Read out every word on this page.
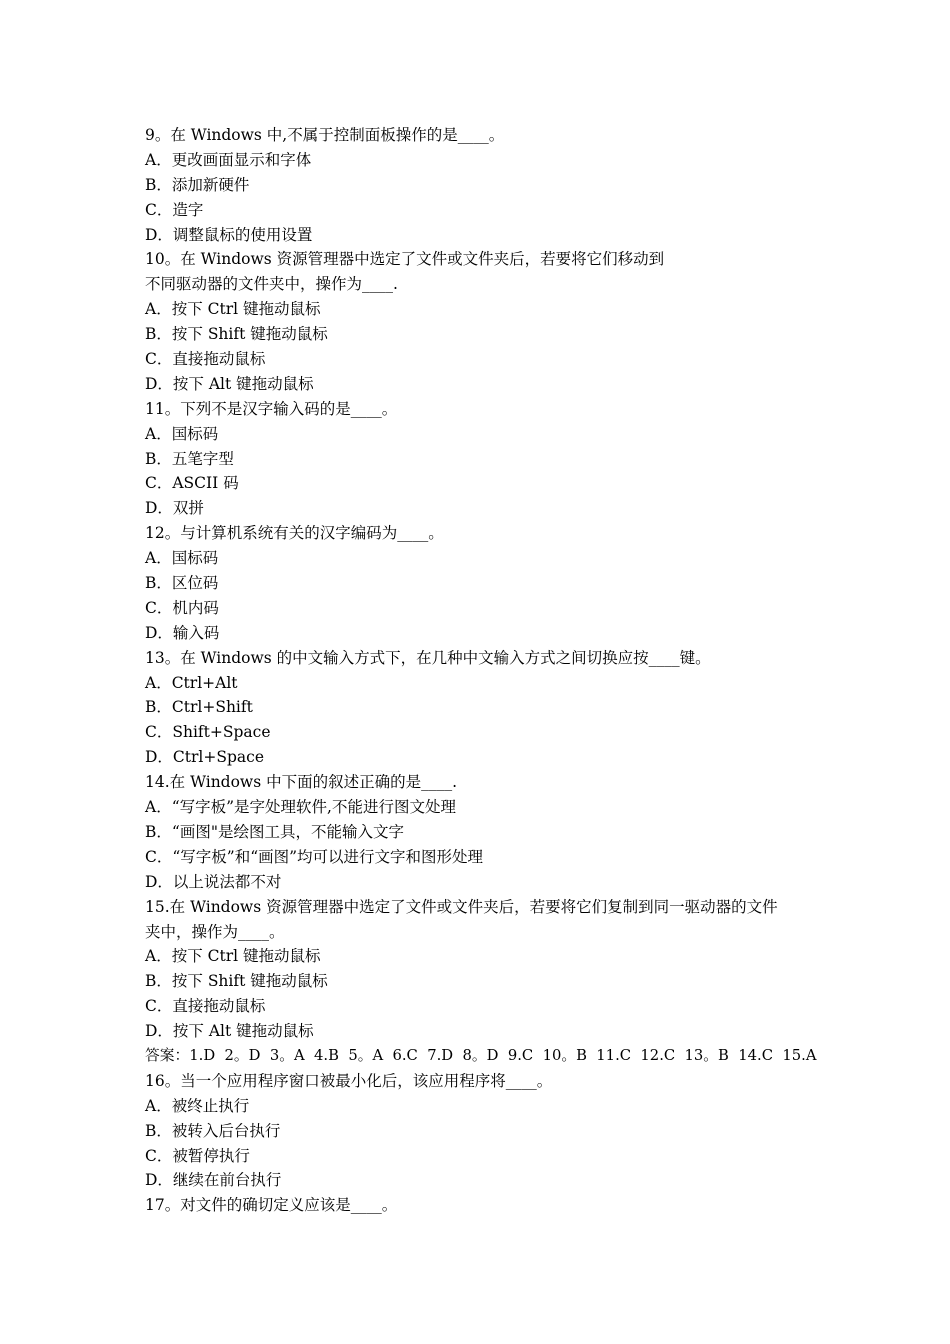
9。在 Windows 中,不属于控制面板操作的是____。
A．更改画面显示和字体
B．添加新硬件
C．造字
D．调整鼠标的使用设置
10。在 Windows 资源管理器中选定了文件或文件夹后，若要将它们移动到
不同驱动器的文件夹中，操作为____.
A．按下 Ctrl 键拖动鼠标
B．按下 Shift 键拖动鼠标
C．直接拖动鼠标
D．按下 Alt 键拖动鼠标
11。下列不是汉字输入码的是____。
A．国标码
B．五笔字型
C．ASCII 码
D．双拼
12。与计算机系统有关的汉字编码为____。
A．国标码
B．区位码
C．机内码
D．输入码
13。在 Windows 的中文输入方式下，在几种中文输入方式之间切换应按____键。
A．Ctrl+Alt
B．Ctrl+Shift
C．Shift+Space
D．Ctrl+Space
14.在 Windows 中下面的叙述正确的是____.
A．“写字板”是字处理软件,不能进行图文处理
B．“画图"是绘图工具，不能输入文字
C．“写字板”和“画图”均可以进行文字和图形处理
D．以上说法都不对
15.在 Windows 资源管理器中选定了文件或文件夹后，若要将它们复制到同一驱动器的文件
夹中，操作为____。
A．按下 Ctrl 键拖动鼠标
B．按下 Shift 键拖动鼠标
C．直接拖动鼠标
D．按下 Alt 键拖动鼠标
答案：1.D  2。D  3。A  4.B  5。A  6.C  7.D  8。D  9.C  10。B  11.C  12.C  13。B  14.C  15.A
16。当一个应用程序窗口被最小化后，该应用程序将____。
A．被终止执行
B．被转入后台执行
C．被暂停执行
D．继续在前台执行
17。对文件的确切定义应该是____。
